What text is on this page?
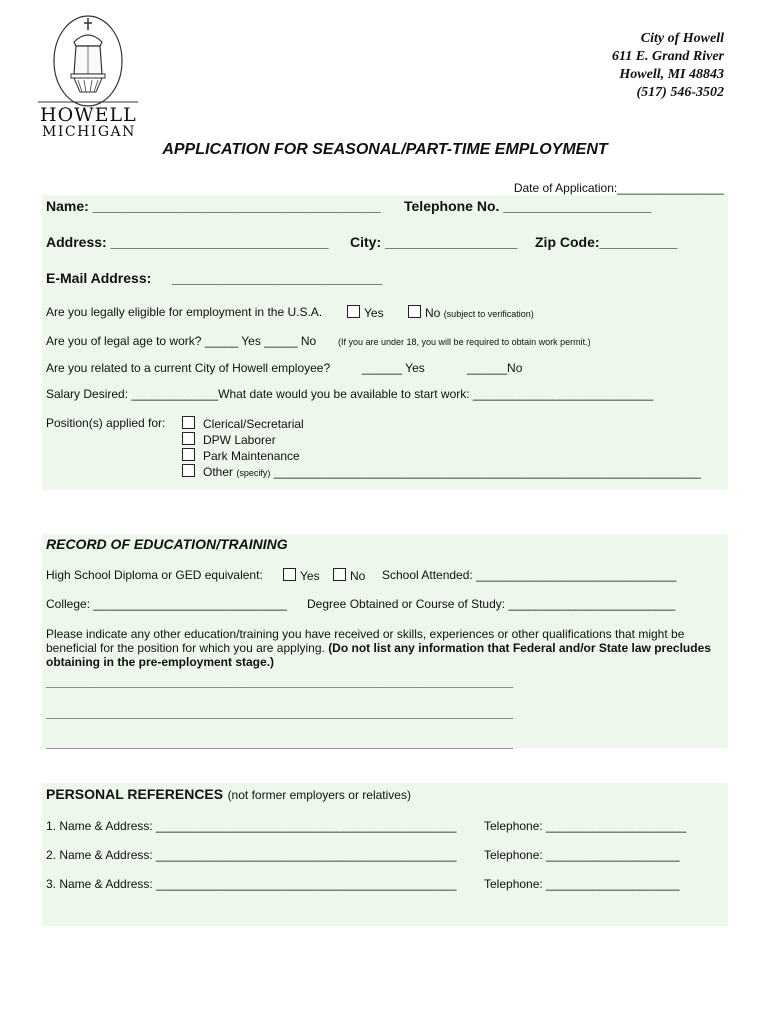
HOWELL
MICHIGAN
City of Howell
611 E. Grand River
Howell, MI 48843
(517) 546-3502
APPLICATION FOR SEASONAL/PART-TIME EMPLOYMENT
Date of Application:________________
Name: _____________________________________ Telephone No. ___________________
Address: ____________________________ City: _________________ Zip Code:__________
E-Mail Address: ___________________________
Are you legally eligible for employment in the U.S.A.	Yes	No (subject to verification)
Are you of legal age to work? _____ Yes _____ No (If you are under 18, you will be required to obtain work permit.)
Are you related to a current City of Howell employee?	______ Yes	______No
Salary Desired: _____________What date would you be available to start work: ___________________________
Position(s) applied for:	Clerical/Secretarial
DPW Laborer
Park Maintenance
Other (specify) ________________________________________________________________
RECORD OF EDUCATION/TRAINING
High School Diploma or GED equivalent:	Yes	No School Attended: ______________________________
College: _____________________________ Degree Obtained or Course of Study: _________________________
Please indicate any other education/training you have received or skills, experiences or other qualifications that might be beneficial for the position for which you are applying. (Do not list any information that Federal and/or State law precludes obtaining in the pre-employment stage.)
______________________________________________________________________
______________________________________________________________________
______________________________________________________________________
PERSONAL REFERENCES (not former employers or relatives)
1. Name & Address: _____________________________________________ Telephone: _____________________
2. Name & Address: _____________________________________________ Telephone: ____________________
3. Name & Address: _____________________________________________ Telephone: ____________________
